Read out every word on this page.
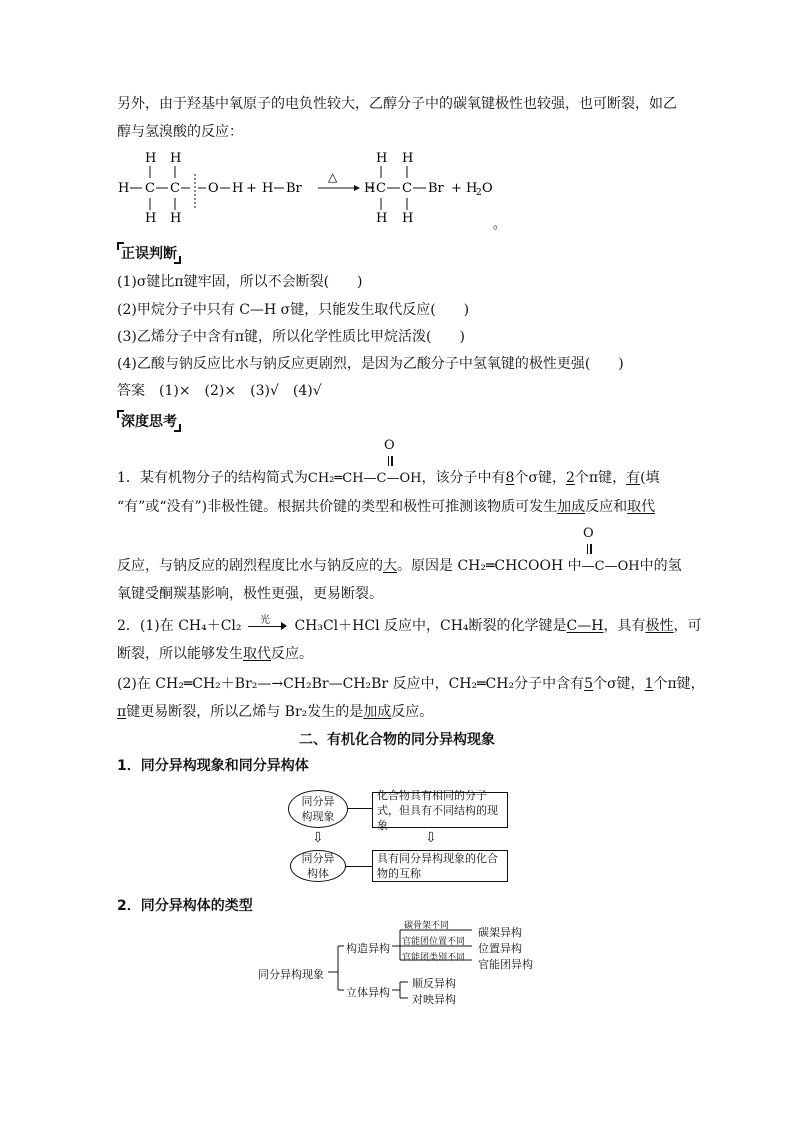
另外，由于羟基中氧原子的电负性较大，乙醇分子中的碳氧键极性也较强，也可断裂，如乙
醇与氢溴酸的反应：
H H
H C C O H + H Br
H H
△
H H
H C C Br + H
2 O
H H	。
正误判断
(1)σ键比π键牢固，所以不会断裂(　　)
(2)甲烷分子中只有 C—H σ键，只能发生取代反应(　　)
(3)乙烯分子中含有π键，所以化学性质比甲烷活泼(　　)
(4)乙酸与钠反应比水与钠反应更剧烈，是因为乙酸分子中氢氧键的极性更强(　　)
答案　 (1)×　(2)×　(3)√　(4)√
深度思考
O
1．某有机物分子的结构简式为CH₂═CH—C—OH，该分子中有8个σ键，2个π键，有(填
“有”或“没有”)非极性键。根据共价键的类型和极性可推测该物质可发生加成反应和取代
O
反应，与钠反应的剧烈程度比水与钠反应的大。原因是 CH₂═CHCOOH 中—C—OH中的氢
氧键受酮羰基影响，极性更强，更易断裂。
2．(1)在 CH₄＋Cl₂ 光 CH₃Cl＋HCl 反应中，CH₄断裂的化学键是C—H，具有极性，可
断裂，所以能够发生取代反应。
(2)在 CH₂═CH₂＋Br₂—→CH₂Br—CH₂Br 反应中，CH₂═CH₂分子中含有5个σ键，1个π键，
π键更易断裂，所以乙烯与 Br₂发生的是加成反应。
二、有机化合物的同分异构现象
1．同分异构现象和同分异构体
同分异构现象
化合物具有相同的分子式，但具有不同结构的现象
⇩	⇩
同分异构体
具有同分异构现象的化合物的互称
2．同分异构体的类型
同分异构现象
构造异构
立体异构
碳骨架不同
官能团位置不同
官能团类别不同
碳架异构
位置异构
官能团异构
顺反异构
对映异构
